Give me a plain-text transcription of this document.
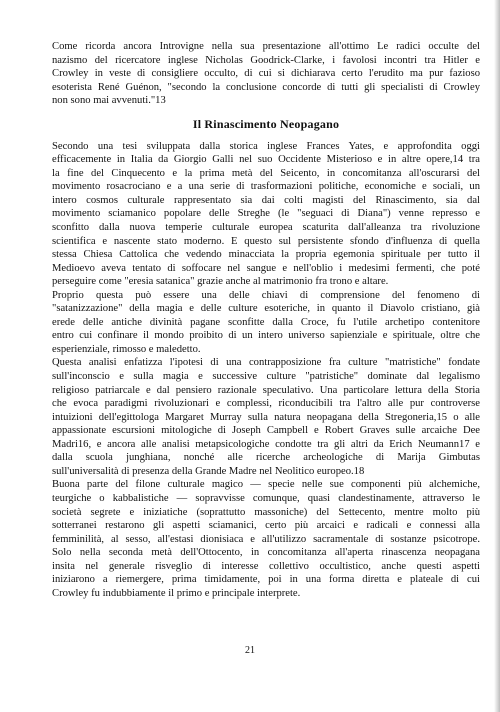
Come ricorda ancora Introvigne nella sua presentazione all'ottimo Le radici occulte del
nazismo del ricercatore inglese Nicholas Goodrick-Clarke, i favolosi incontri tra Hitler e
Crowley in veste di consigliere occulto, di cui si dichiarava certo l'erudito ma pur fazioso
esoterista René Guénon, "secondo la conclusione concorde di tutti gli specialisti di Crowley
non sono mai avvenuti."13

Il Rinascimento Neopagano

Secondo una tesi sviluppata dalla storica inglese Frances Yates, e approfondita oggi
efficacemente in Italia da Giorgio Galli nel suo Occidente Misterioso e in altre opere,14 tra
la fine del Cinquecento e la prima metà del Seicento, in concomitanza all'oscurarsi del
movimento rosacrociano e a una serie di trasformazioni politiche, economiche e sociali, un
intero cosmos culturale rappresentato sia dai colti magisti del Rinascimento, sia dal
movimento sciamanico popolare delle Streghe (le "seguaci di Diana") venne represso e
sconfitto dalla nuova temperie culturale europea scaturita dall'alleanza tra rivoluzione
scientifica e nascente stato moderno. E questo sul persistente sfondo d'influenza di quella
stessa Chiesa Cattolica che vedendo minacciata la propria egemonia spirituale per tutto il
Medioevo aveva tentato di soffocare nel sangue e nell'oblio i medesimi fermenti, che poté
perseguire come "eresia satanica" grazie anche al matrimonio fra trono e altare.

Proprio questa può essere una delle chiavi di comprensione del fenomeno di
"satanizzazione" della magia e delle culture esoteriche, in quanto il Diavolo cristiano, già
erede delle antiche divinità pagane sconfitte dalla Croce, fu l'utile archetipo contenitore
entro cui confinare il mondo proibito di un intero universo sapienziale e spirituale, oltre che
esperienziale, rimosso e maledetto.

Questa analisi enfatizza l'ipotesi di una contrapposizione fra culture "matristiche" fondate
sull'inconscio e sulla magia e successive culture "patristiche" dominate dal legalismo
religioso patriarcale e dal pensiero razionale speculativo. Una particolare lettura della Storia
che evoca paradigmi rivoluzionari e complessi, riconducibili tra l'altro alle pur controverse
intuizioni dell'egittologa Margaret Murray sulla natura neopagana della Stregoneria,15 o alle
appassionate escursioni mitologiche di Joseph Campbell e Robert Graves sulle arcaiche Dee
Madri16, e ancora alle analisi metapsicologiche condotte tra gli altri da Erich Neumann17 e
dalla scuola junghiana, nonché alle ricerche archeologiche di Marija Gimbutas
sull'universalità di presenza della Grande Madre nel Neolitico europeo.18

Buona parte del filone culturale magico — specie nelle sue componenti più alchemiche,
teurgiche o kabbalistiche — sopravvisse comunque, quasi clandestinamente, attraverso le
società segrete e iniziatiche (soprattutto massoniche) del Settecento, mentre molto più
sotterranei restarono gli aspetti sciamanici, certo più arcaici e radicali e connessi alla
femminilità, al sesso, all'estasi dionisiaca e all'utilizzo sacramentale di sostanze psicotrope.
Solo nella seconda metà dell'Ottocento, in concomitanza all'aperta rinascenza neopagana
insita nel generale risveglio di interesse collettivo occultistico, anche questi aspetti
iniziarono a riemergere, prima timidamente, poi in una forma diretta e plateale di cui
Crowley fu indubbiamente il primo e principale interprete.

21
